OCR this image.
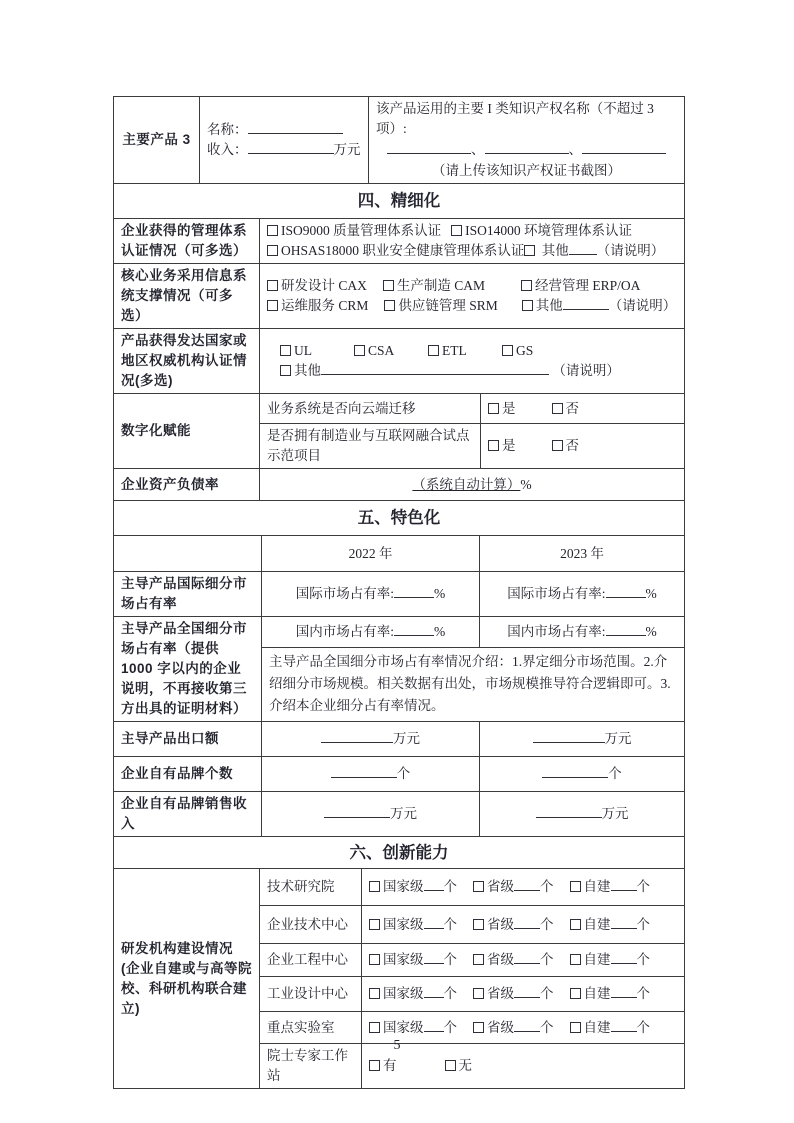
主要产品 3	
名称：
收入：	万元

该产品运用的主要 I 类知识产权名称（不超过 3 项）:
、	、
（请上传该知识产权证书截图）
四、精细化		
企业获得的管理体系认证情况（可多选）	ISO9000 质量管理体系认证 ISO14000 环境管理体系认证
OHSAS18000 职业安全健康管理体系认证 其他 （请说明）	

核心业务采用信息系统支撑情况（可多选）	研发设计 CAX 生产制造 CAM 经营管理 ERP/OA
运维服务 CRM 供应链管理 SRM 其他 （请说明）	

产品获得发达国家或地区权威机构认证情况(多选)	UL CSA ETL GS
其他 （请说明）	

数字化赋能	业务系统是否向云端迁移	是 否
	是否拥有制造业与互联网融合试点示范项目	是 否
企业资产负债率	（系统自动计算）%	
五、特色化		
	2022 年	2023 年
主导产品国际细分市场占有率	国际市场占有率: %	国际市场占有率: %
主导产品全国细分市场占有率（提供 1000 字以内的企业说明，不再接收第三方出具的证明材料）	国内市场占有率: %	国内市场占有率: %
	主导产品全国细分市场占有率情况介绍：1.界定细分市场范围。2.介绍细分市场规模。相关数据有出处，市场规模推导符合逻辑即可。3.介绍本企业细分占有率情况。	
主导产品出口额	万元	万元
企业自有品牌个数	个	个
企业自有品牌销售收入	万元	万元
六、创新能力		

研发机构建设情况
(企业自建或与高等院校、科研机构联合建立)	技术研究院	国家级 个 省级 个 自建 个
	企业技术中心	国家级 个 省级 个 自建 个
	企业工程中心	国家级 个 省级 个 自建 个
	工业设计中心	国家级 个 省级 个 自建 个
	重点实验室	国家级 个 省级 个 自建 个
	院士专家工作站	有 无
5
